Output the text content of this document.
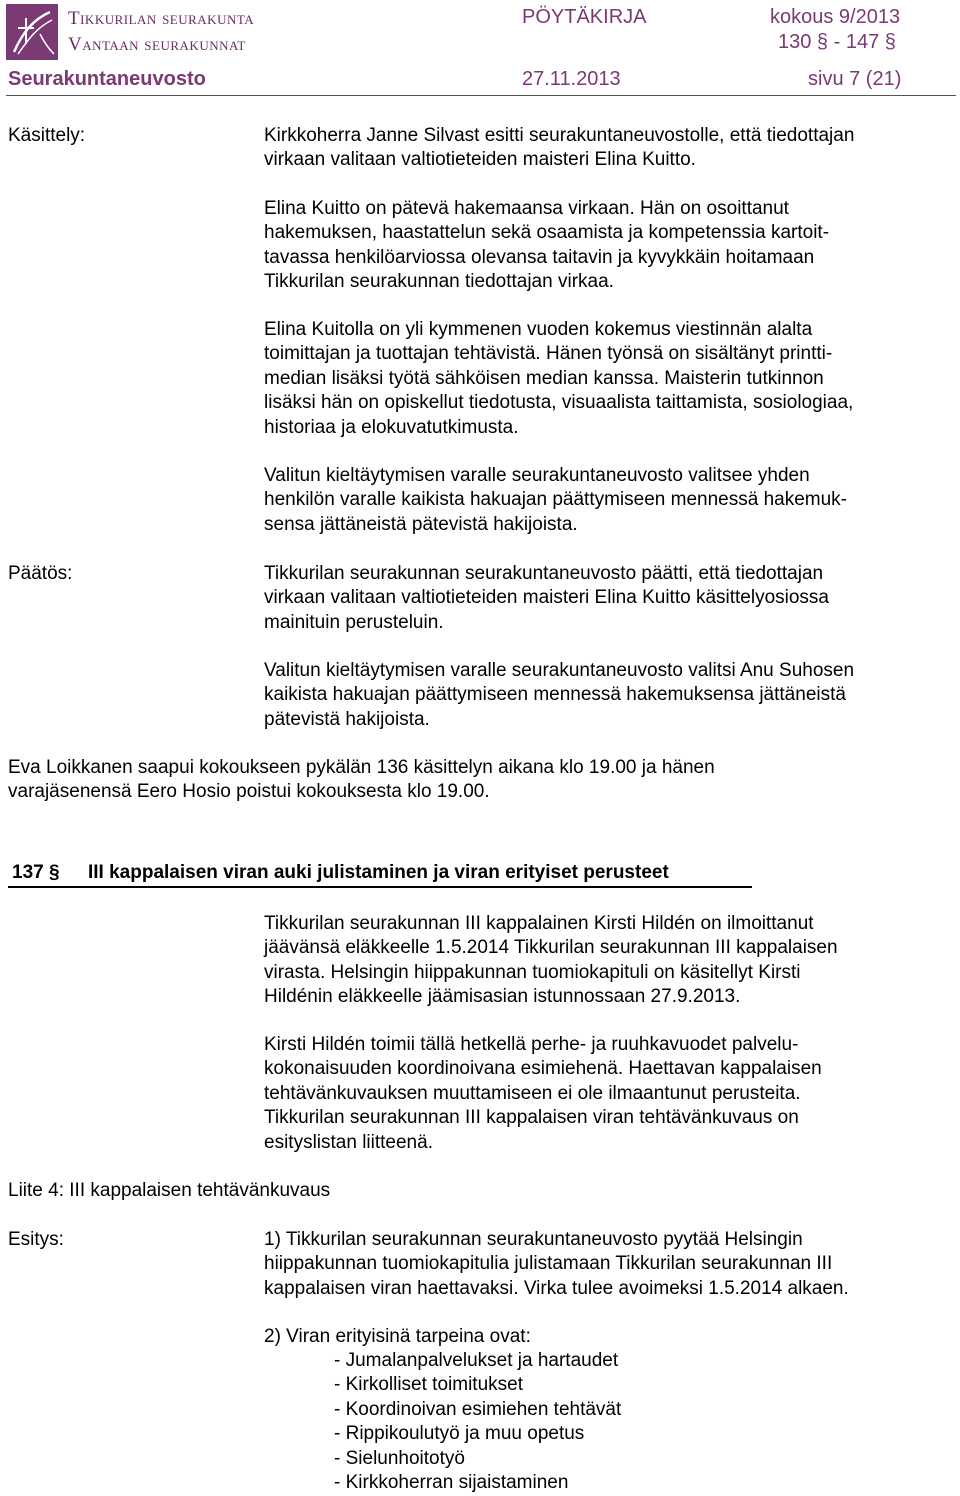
Tikkurilan seurakunta
Vantaan seurakunnat
PÖYTÄKIRJA	kokous 9/2013
130 § - 147 §
Seurakuntaneuvosto	27.11.2013	sivu 7 (21)
Käsittely:	Kirkkoherra Janne Silvast esitti seurakuntaneuvostolle, että tiedottajan
virkaan valitaan valtiotieteiden maisteri Elina Kuitto.
Elina Kuitto on pätevä hakemaansa virkaan. Hän on osoittanut
hakemuksen, haastattelun sekä osaamista ja kompetenssia kartoit-
tavassa henkilöarviossa olevansa taitavin ja kyvykkäin hoitamaan
Tikkurilan seurakunnan tiedottajan virkaa.
Elina Kuitolla on yli kymmenen vuoden kokemus viestinnän alalta
toimittajan ja tuottajan tehtävistä. Hänen työnsä on sisältänyt printti-
median lisäksi työtä sähköisen median kanssa. Maisterin tutkinnon
lisäksi hän on opiskellut tiedotusta, visuaalista taittamista, sosiologiaa,
historiaa ja elokuvatutkimusta.
Valitun kieltäytymisen varalle seurakuntaneuvosto valitsee yhden
henkilön varalle kaikista hakuajan päättymiseen mennessä hakemuk-
sensa jättäneistä pätevistä hakijoista.
Päätös:	Tikkurilan seurakunnan seurakuntaneuvosto päätti, että tiedottajan
virkaan valitaan valtiotieteiden maisteri Elina Kuitto käsittelyosiossa
mainituin perusteluin.
Valitun kieltäytymisen varalle seurakuntaneuvosto valitsi Anu Suhosen
kaikista hakuajan päättymiseen mennessä hakemuksensa jättäneistä
pätevistä hakijoista.
Eva Loikkanen saapui kokoukseen pykälän 136 käsittelyn aikana klo 19.00 ja hänen
varajäsenensä Eero Hosio poistui kokouksesta klo 19.00.
137 § III kappalaisen viran auki julistaminen ja viran erityiset perusteet
Tikkurilan seurakunnan III kappalainen Kirsti Hildén on ilmoittanut
jäävänsä eläkkeelle 1.5.2014 Tikkurilan seurakunnan III kappalaisen
virasta. Helsingin hiippakunnan tuomiokapituli on käsitellyt Kirsti
Hildénin eläkkeelle jäämisasian istunnossaan 27.9.2013.
Kirsti Hildén toimii tällä hetkellä perhe- ja ruuhkavuodet palvelu-
kokonaisuuden koordinoivana esimiehenä. Haettavan kappalaisen
tehtävänkuvauksen muuttamiseen ei ole ilmaantunut perusteita.
Tikkurilan seurakunnan III kappalaisen viran tehtävänkuvaus on
esityslistan liitteenä.
Liite 4: III kappalaisen tehtävänkuvaus
Esitys:	1) Tikkurilan seurakunnan seurakuntaneuvosto pyytää Helsingin
hiippakunnan tuomiokapitulia julistamaan Tikkurilan seurakunnan III
kappalaisen viran haettavaksi. Virka tulee avoimeksi 1.5.2014 alkaen.
2) Viran erityisinä tarpeina ovat:
- Jumalanpalvelukset ja hartaudet
- Kirkolliset toimitukset
- Koordinoivan esimiehen tehtävät
- Rippikoulutyö ja muu opetus
- Sielunhoitotyö
- Kirkkoherran sijaistaminen
